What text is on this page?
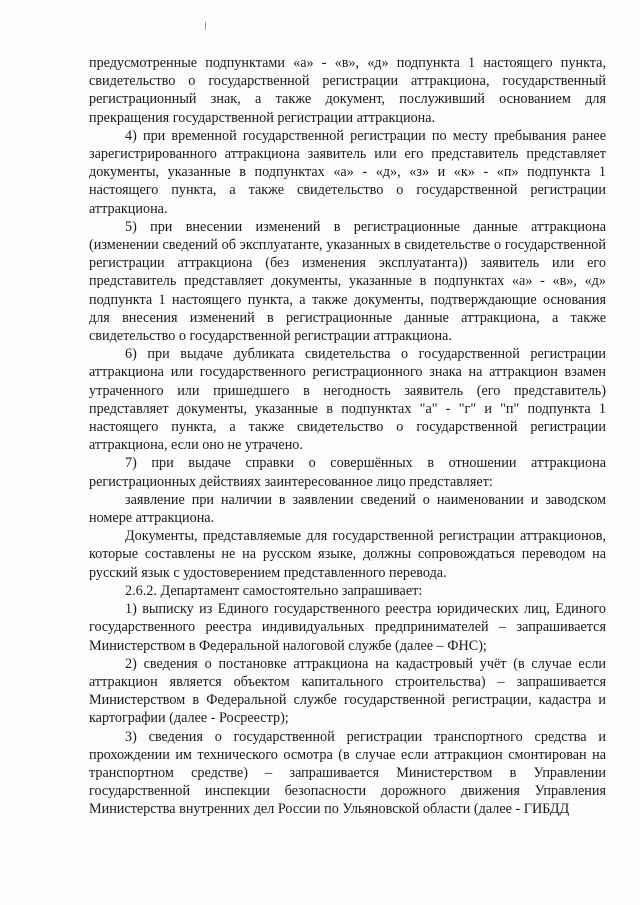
предусмотренные подпунктами «а» - «в», «д» подпункта 1 настоящего пункта, свидетельство о государственной регистрации аттракциона, государственный регистрационный знак, а также документ, послуживший основанием для прекращения государственной регистрации аттракциона.

4) при временной государственной регистрации по месту пребывания ранее зарегистрированного аттракциона заявитель или его представитель представляет документы, указанные в подпунктах «а» - «д», «з» и «к» - «п» подпункта 1 настоящего пункта, а также свидетельство о государственной регистрации аттракциона.

5) при внесении изменений в регистрационные данные аттракциона (изменении сведений об эксплуатанте, указанных в свидетельстве о государственной регистрации аттракциона (без изменения эксплуатанта)) заявитель или его представитель представляет документы, указанные в подпунктах «а» - «в», «д» подпункта 1 настоящего пункта, а также документы, подтверждающие основания для внесения изменений в регистрационные данные аттракциона, а также свидетельство о государственной регистрации аттракциона.

6) при выдаче дубликата свидетельства о государственной регистрации аттракциона или государственного регистрационного знака на аттракцион взамен утраченного или пришедшего в негодность заявитель (его представитель) представляет документы, указанные в подпунктах "а" - "г" и "п" подпункта 1 настоящего пункта, а также свидетельство о государственной регистрации аттракциона, если оно не утрачено.

7) при выдаче справки о совершённых в отношении аттракциона регистрационных действиях заинтересованное лицо представляет:

заявление при наличии в заявлении сведений о наименовании и заводском номере аттракциона.

Документы, представляемые для государственной регистрации аттракционов, которые составлены не на русском языке, должны сопровождаться переводом на русский язык с удостоверением представленного перевода.

2.6.2. Департамент самостоятельно запрашивает:

1) выписку из Единого государственного реестра юридических лиц, Единого государственного реестра индивидуальных предпринимателей – запрашивается Министерством в Федеральной налоговой службе (далее – ФНС);

2) сведения о постановке аттракциона на кадастровый учёт (в случае если аттракцион является объектом капитального строительства) – запрашивается Министерством в Федеральной службе государственной регистрации, кадастра и картографии (далее - Росреестр);

3) сведения о государственной регистрации транспортного средства и прохождении им технического осмотра (в случае если аттракцион смонтирован на транспортном средстве) – запрашивается Министерством в Управлении государственной инспекции безопасности дорожного движения Управления Министерства внутренних дел России по Ульяновской области (далее - ГИБДД
